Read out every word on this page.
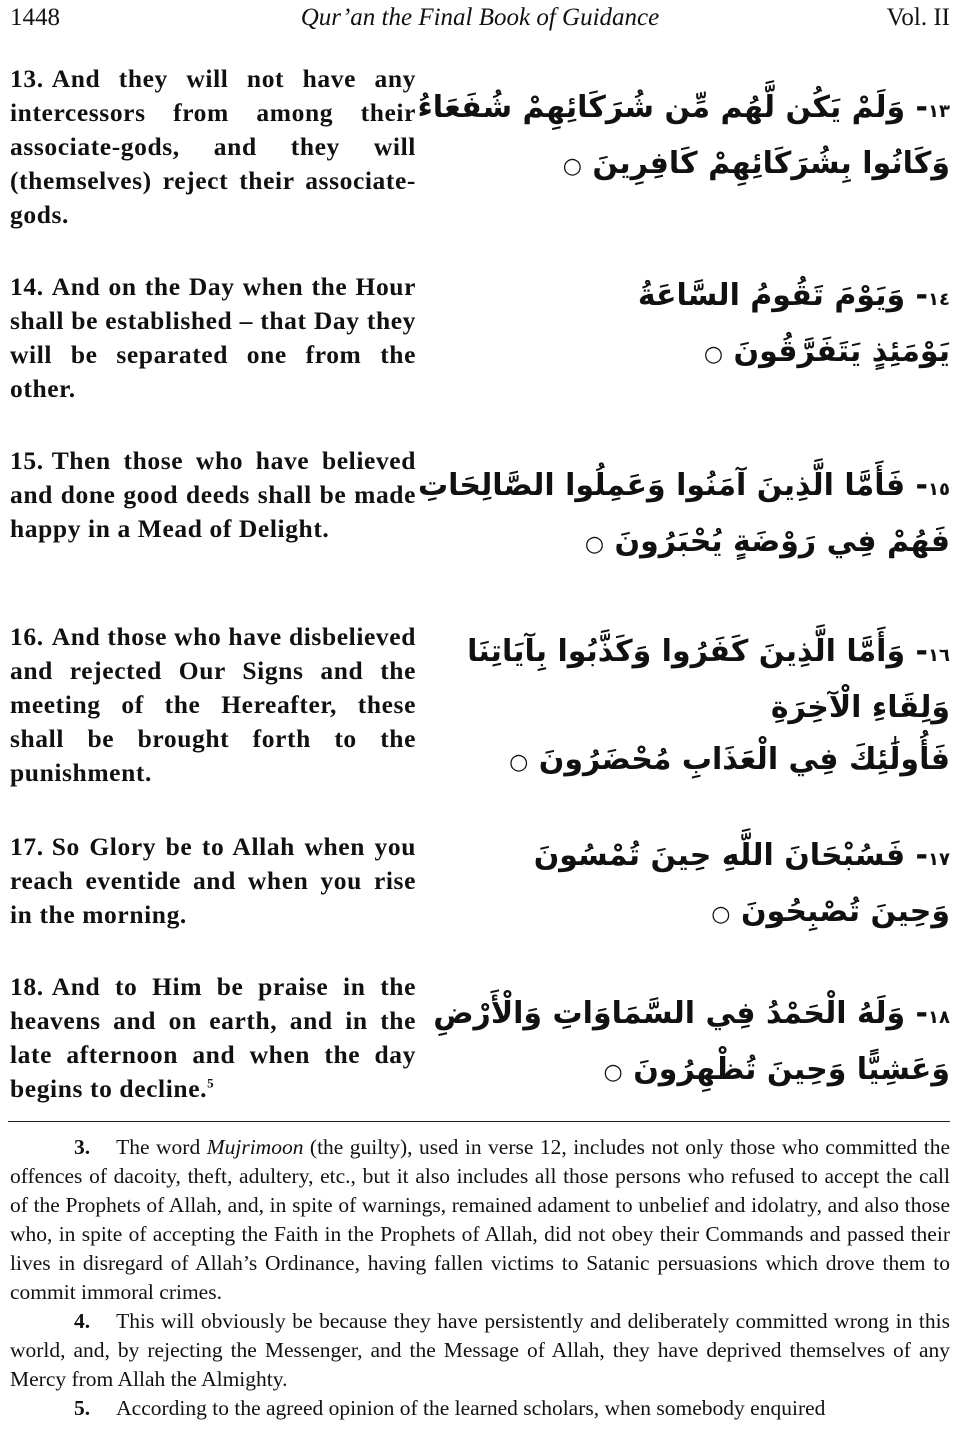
1448	Qur’an the Final Book of Guidance	Vol. II
13. And they will not have any intercessors from among their associate-gods, and they will (themselves) reject their associate-gods.
١٣- وَلَمْ يَكُن لَّهُم مِّن شُرَكَائِهِمْ شُفَعَاءُ
وَكَانُوا بِشُرَكَائِهِمْ كَافِرِينَ ○
14. And on the Day when the Hour shall be established – that Day they will be separated one from the other.
١٤- وَيَوْمَ تَقُومُ السَّاعَةُ
يَوْمَئِذٍ يَتَفَرَّقُونَ ○
15. Then those who have believed and done good deeds shall be made happy in a Mead of Delight.
١٥- فَأَمَّا الَّذِينَ آمَنُوا وَعَمِلُوا الصَّالِحَاتِ
فَهُمْ فِي رَوْضَةٍ يُحْبَرُونَ ○
16. And those who have disbelieved and rejected Our Signs and the meeting of the Hereafter, these shall be brought forth to the punishment.
١٦- وَأَمَّا الَّذِينَ كَفَرُوا وَكَذَّبُوا بِآيَاتِنَا
وَلِقَاءِ الْآخِرَةِ
فَأُولَٰئِكَ فِي الْعَذَابِ مُحْضَرُونَ ○
17. So Glory be to Allah when you reach eventide and when you rise in the morning.
١٧- فَسُبْحَانَ اللَّهِ حِينَ تُمْسُونَ
وَحِينَ تُصْبِحُونَ ○
18. And to Him be praise in the heavens and on earth, and in the late afternoon and when the day begins to decline.$^5$
١٨- وَلَهُ الْحَمْدُ فِي السَّمَاوَاتِ وَالْأَرْضِ
وَعَشِيًّا وَحِينَ تُظْهِرُونَ ○

3. The word Mujrimoon (the guilty), used in verse 12, includes not only those who committed the offences of dacoity, theft, adultery, etc., but it also includes all those persons who refused to accept the call of the Prophets of Allah, and, in spite of warnings, remained adament to unbelief and idolatry, and also those who, in spite of accepting the Faith in the Prophets of Allah, did not obey their Commands and passed their lives in disregard of Allah’s Ordinance, having fallen victims to Satanic persuasions which drove them to commit immoral crimes.

4. This will obviously be because they have persistently and deliberately committed wrong in this world, and, by rejecting the Messenger, and the Message of Allah, they have deprived themselves of any Mercy from Allah the Almighty.

5. According to the agreed opinion of the learned scholars, when somebody enquired
